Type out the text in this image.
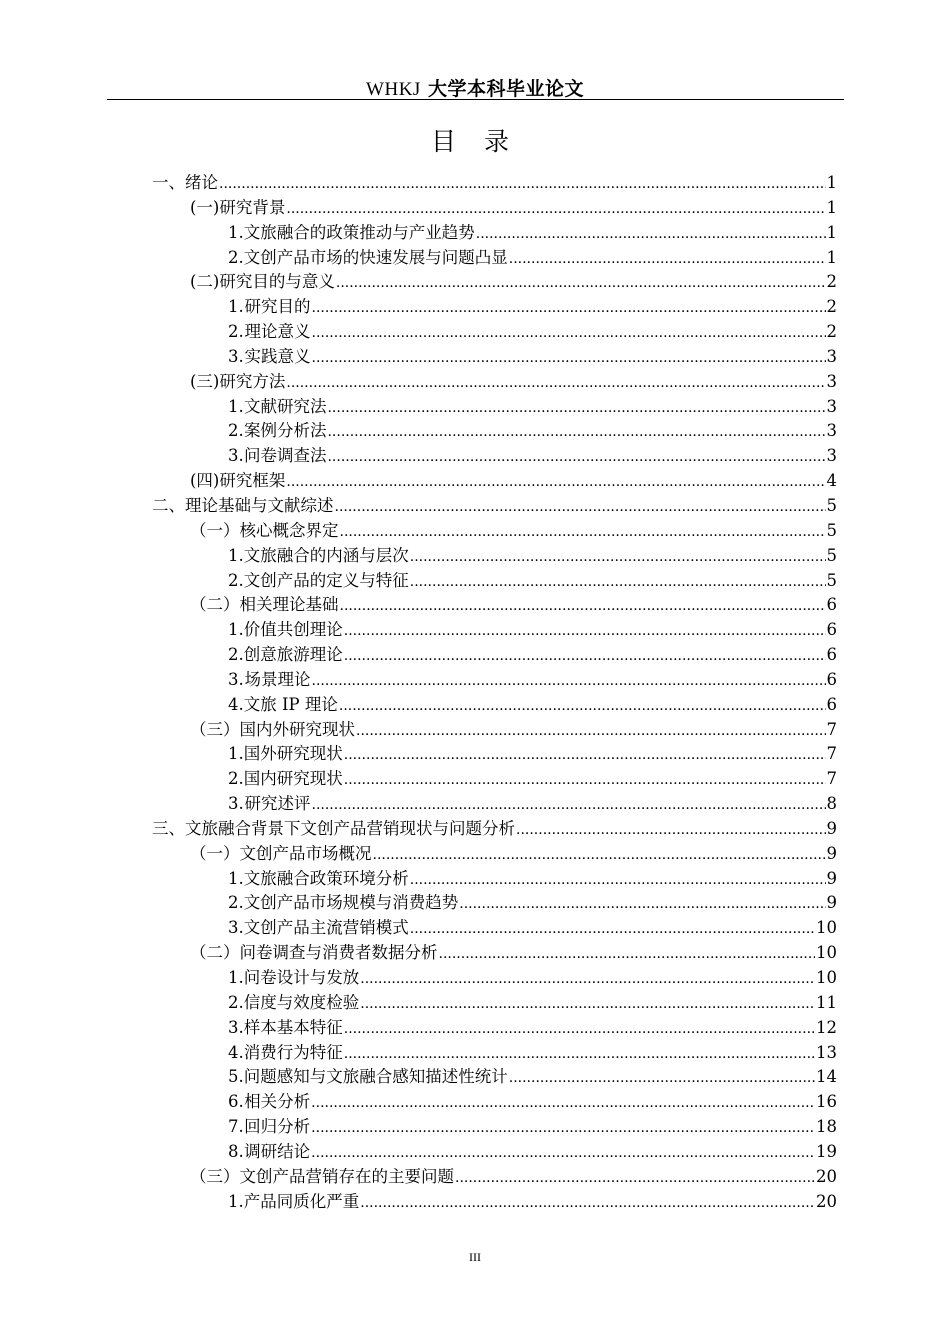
WHKJ 大学本科毕业论文
目 录
一、 绪论 .....	1
(一) 研究背景 .....	1
1. 文旅融合的政策推动与产业趋势 .....	1
2. 文创产品市场的快速发展与问题凸显 .....	1
(二) 研究目的与意义 .....	2
1. 研究目的 .....	2
2. 理论意义 .....	2
3. 实践意义 .....	3
(三) 研究方法 .....	3
1. 文献研究法 .....	3
2. 案例分析法 .....	3
3. 问卷调查法 .....	3
(四) 研究框架 .....	4
二、 理论基础与文献综述 .....	5
（一） 核心概念界定 .....	5
1. 文旅融合的内涵与层次 .....	5
2. 文创产品的定义与特征 .....	5
（二） 相关理论基础 .....	6
1. 价值共创理论 .....	6
2. 创意旅游理论 .....	6
3. 场景理论 .....	6
4. 文旅 IP 理论 .....	6
（三） 国内外研究现状 .....	7
1. 国外研究现状 .....	7
2. 国内研究现状 .....	7
3. 研究述评 .....	8
三、 文旅融合背景下文创产品营销现状与问题分析 .....	9
（一） 文创产品市场概况 .....	9
1. 文旅融合政策环境分析 .....	9
2. 文创产品市场规模与消费趋势 .....	9
3. 文创产品主流营销模式 .....	10
（二） 问卷调查与消费者数据分析 .....	10
1. 问卷设计与发放 .....	10
2. 信度与效度检验 .....	11
3. 样本基本特征 .....	12
4. 消费行为特征 .....	13
5. 问题感知与文旅融合感知描述性统计 .....	14
6. 相关分析 .....	16
7. 回归分析 .....	18
8. 调研结论 .....	19
（三） 文创产品营销存在的主要问题 .....	20
1. 产品同质化严重 .....	20
III
